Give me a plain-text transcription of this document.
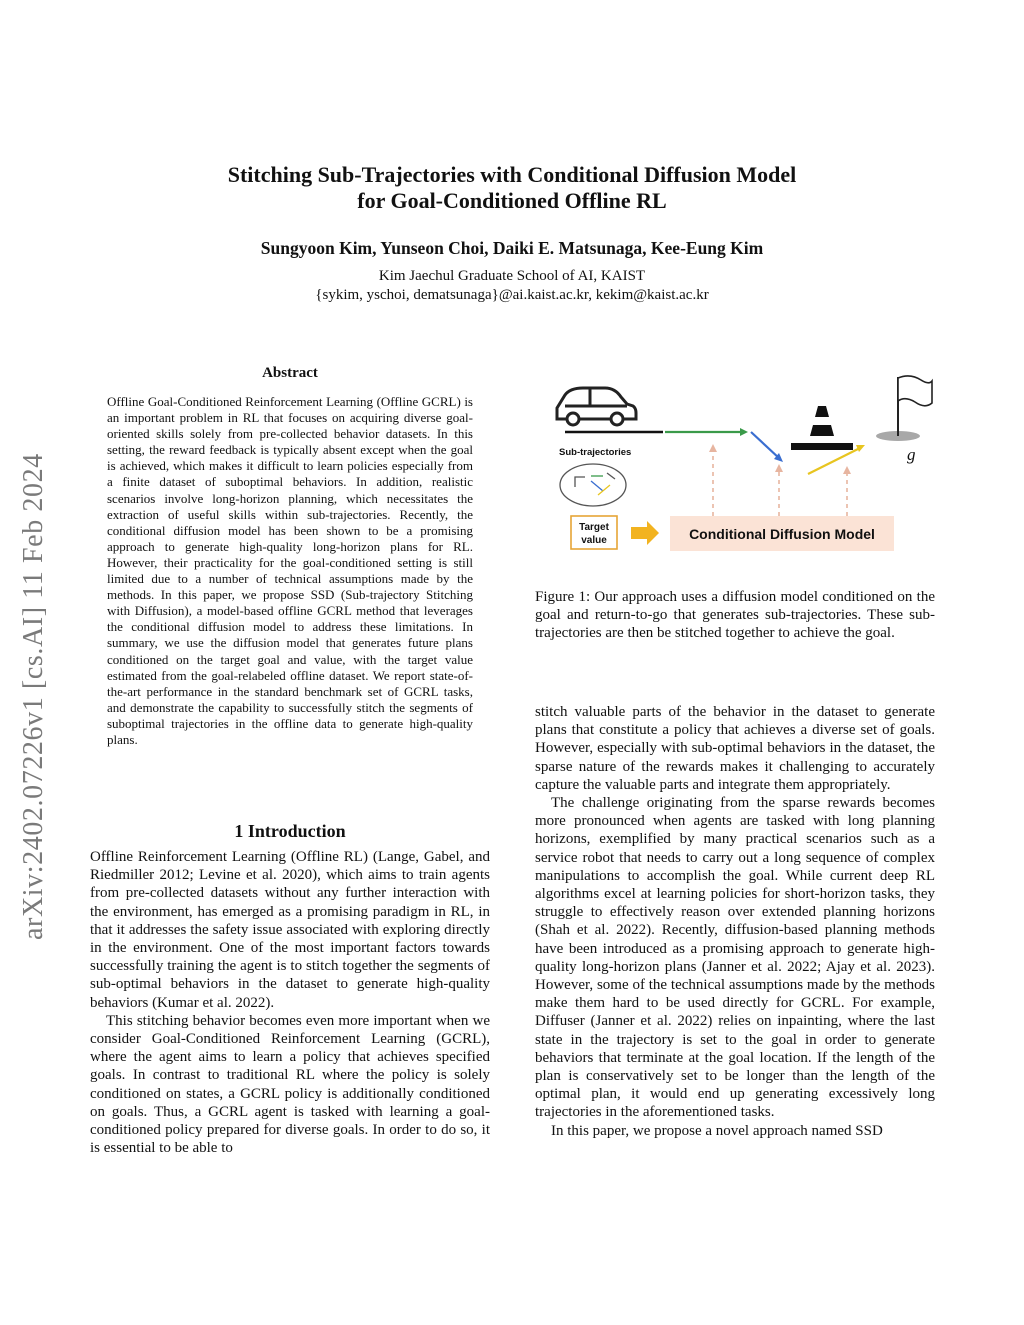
arXiv:2402.07226v1 [cs.AI] 11 Feb 2024
Stitching Sub-Trajectories with Conditional Diffusion Model
for Goal-Conditioned Offline RL
Sungyoon Kim, Yunseon Choi, Daiki E. Matsunaga, Kee-Eung Kim
Kim Jaechul Graduate School of AI, KAIST
{sykim, yschoi, dematsunaga}@ai.kaist.ac.kr, kekim@kaist.ac.kr
Abstract
Offline Goal-Conditioned Reinforcement Learning (Offline GCRL) is an important problem in RL that focuses on acquiring diverse goal-oriented skills solely from pre-collected behavior datasets. In this setting, the reward feedback is typically absent except when the goal is achieved, which makes it difficult to learn policies especially from a finite dataset of suboptimal behaviors. In addition, realistic scenarios involve long-horizon planning, which necessitates the extraction of useful skills within sub-trajectories. Recently, the conditional diffusion model has been shown to be a promising approach to generate high-quality long-horizon plans for RL. However, their practicality for the goal-conditioned setting is still limited due to a number of technical assumptions made by the methods. In this paper, we propose SSD (Sub-trajectory Stitching with Diffusion), a model-based offline GCRL method that leverages the conditional diffusion model to address these limitations. In summary, we use the diffusion model that generates future plans conditioned on the target goal and value, with the target value estimated from the goal-relabeled offline dataset. We report state-of-the-art performance in the standard benchmark set of GCRL tasks, and demonstrate the capability to successfully stitch the segments of suboptimal trajectories in the offline data to generate high-quality plans.
1 Introduction

Offline Reinforcement Learning (Offline RL) (Lange, Gabel, and Riedmiller 2012; Levine et al. 2020), which aims to train agents from pre-collected datasets without any further interaction with the environment, has emerged as a promising paradigm in RL, in that it addresses the safety issue associated with exploring directly in the environment. One of the most important factors towards successfully training the agent is to stitch together the segments of sub-optimal behaviors in the dataset to generate high-quality behaviors (Kumar et al. 2022).

This stitching behavior becomes even more important when we consider Goal-Conditioned Reinforcement Learning (GCRL), where the agent aims to learn a policy that achieves specified goals. In contrast to traditional RL where the policy is solely conditioned on states, a GCRL policy is additionally conditioned on goals. Thus, a GCRL agent is tasked with learning a goal-conditioned policy prepared for diverse goals. In order to do so, it is essential to be able to

g
Sub-trajectories
Target
value	Conditional Diffusion Model
Figure 1: Our approach uses a diffusion model conditioned on the goal and return-to-go that generates sub-trajectories. These sub-trajectories are then be stitched together to achieve the goal.

stitch valuable parts of the behavior in the dataset to generate plans that constitute a policy that achieves a diverse set of goals. However, especially with sub-optimal behaviors in the dataset, the sparse nature of the rewards makes it challenging to accurately capture the valuable parts and integrate them appropriately.

The challenge originating from the sparse rewards becomes more pronounced when agents are tasked with long planning horizons, exemplified by many practical scenarios such as a service robot that needs to carry out a long sequence of complex manipulations to accomplish the goal. While current deep RL algorithms excel at learning policies for short-horizon tasks, they struggle to effectively reason over extended planning horizons (Shah et al. 2022). Recently, diffusion-based planning methods have been introduced as a promising approach to generate high-quality long-horizon plans (Janner et al. 2022; Ajay et al. 2023). However, some of the technical assumptions made by the methods make them hard to be used directly for GCRL. For example, Diffuser (Janner et al. 2022) relies on inpainting, where the last state in the trajectory is set to the goal in order to generate behaviors that terminate at the goal location. If the length of the plan is conservatively set to be longer than the length of the optimal plan, it would end up generating excessively long trajectories in the aforementioned tasks.

In this paper, we propose a novel approach named SSD
